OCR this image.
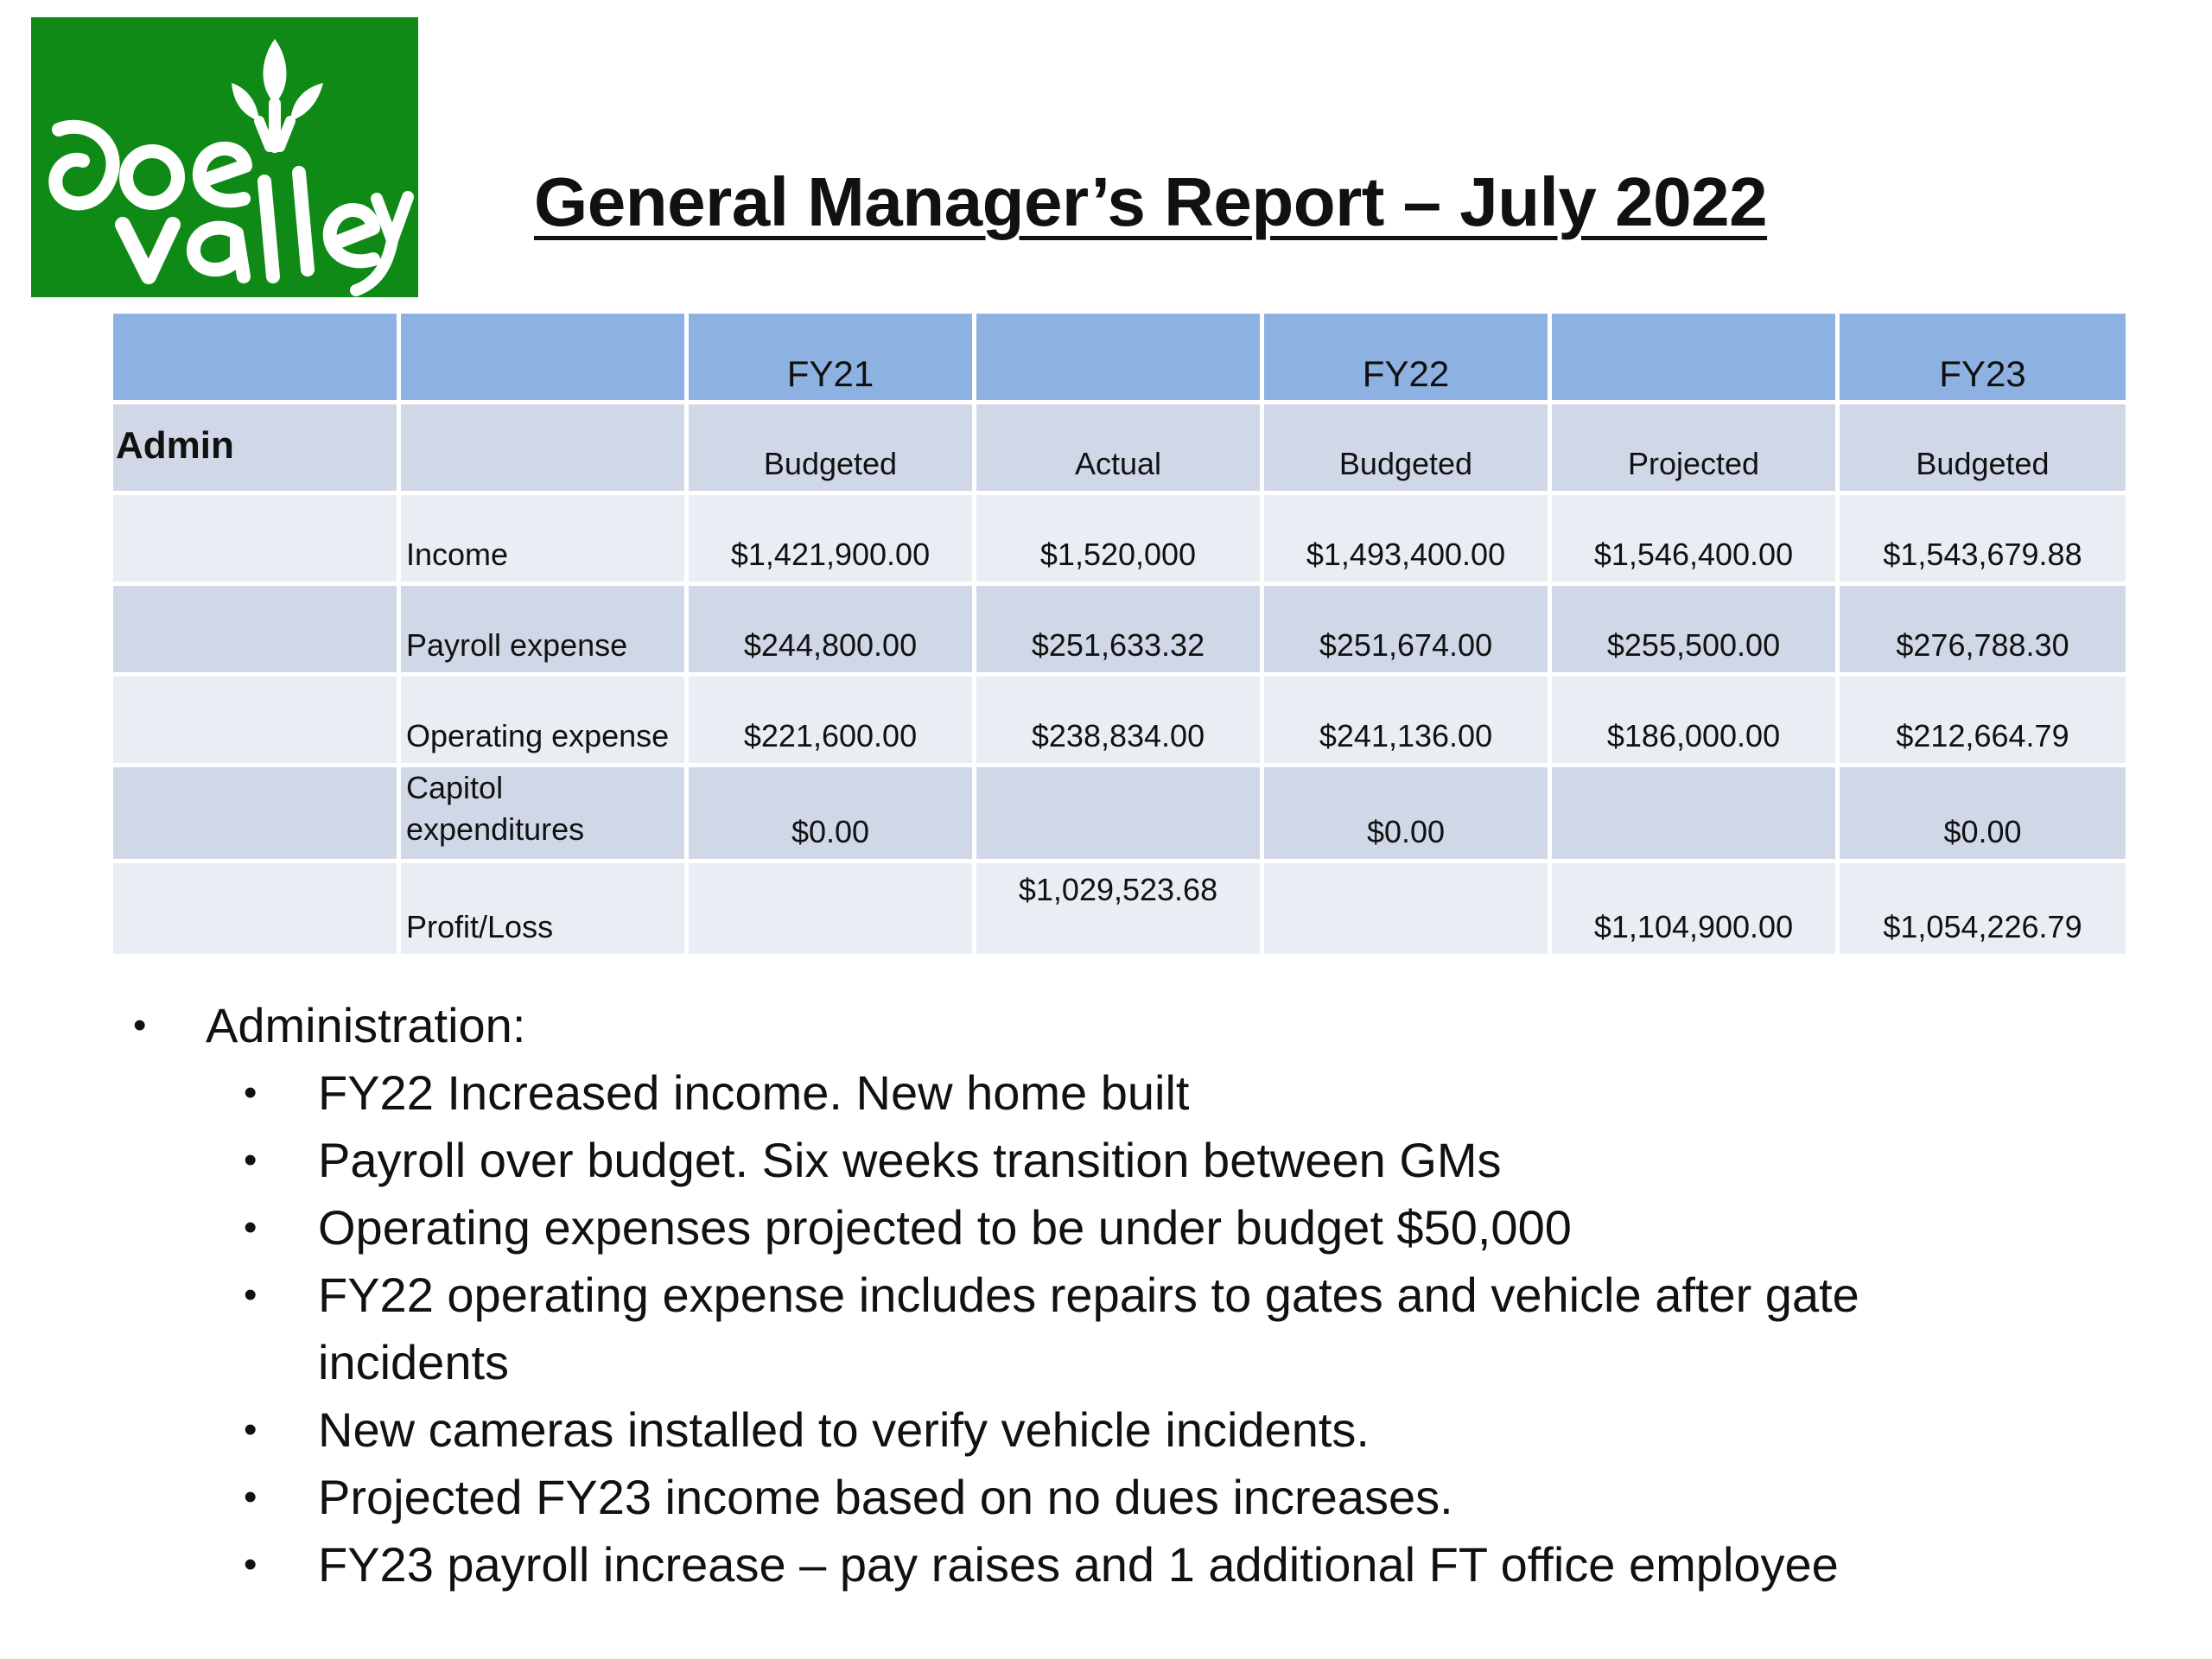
General Manager’s Report – July 2022
		FY21		FY22		FY23
Admin		Budgeted	Actual	Budgeted	Projected	Budgeted
	Income	$1,421,900.00	$1,520,000	$1,493,400.00	$1,546,400.00	$1,543,679.88
	Payroll expense	$244,800.00	$251,633.32	$251,674.00	$255,500.00	$276,788.30
	Operating expense	$221,600.00	$238,834.00	$241,136.00	$186,000.00	$212,664.79
	Capitol
expenditures	$0.00		$0.00		$0.00
	Profit/Loss		$1,029,523.68		$1,104,900.00	$1,054,226.79
• Administration:
• FY22 Increased income. New home built
• Payroll over budget. Six weeks transition between GMs
• Operating expenses projected to be under budget $50,000
• FY22 operating expense includes repairs to gates and vehicle after gate incidents
• New cameras installed to verify vehicle incidents.
• Projected FY23 income based on no dues increases.
• FY23 payroll increase – pay raises and 1 additional FT office employee
